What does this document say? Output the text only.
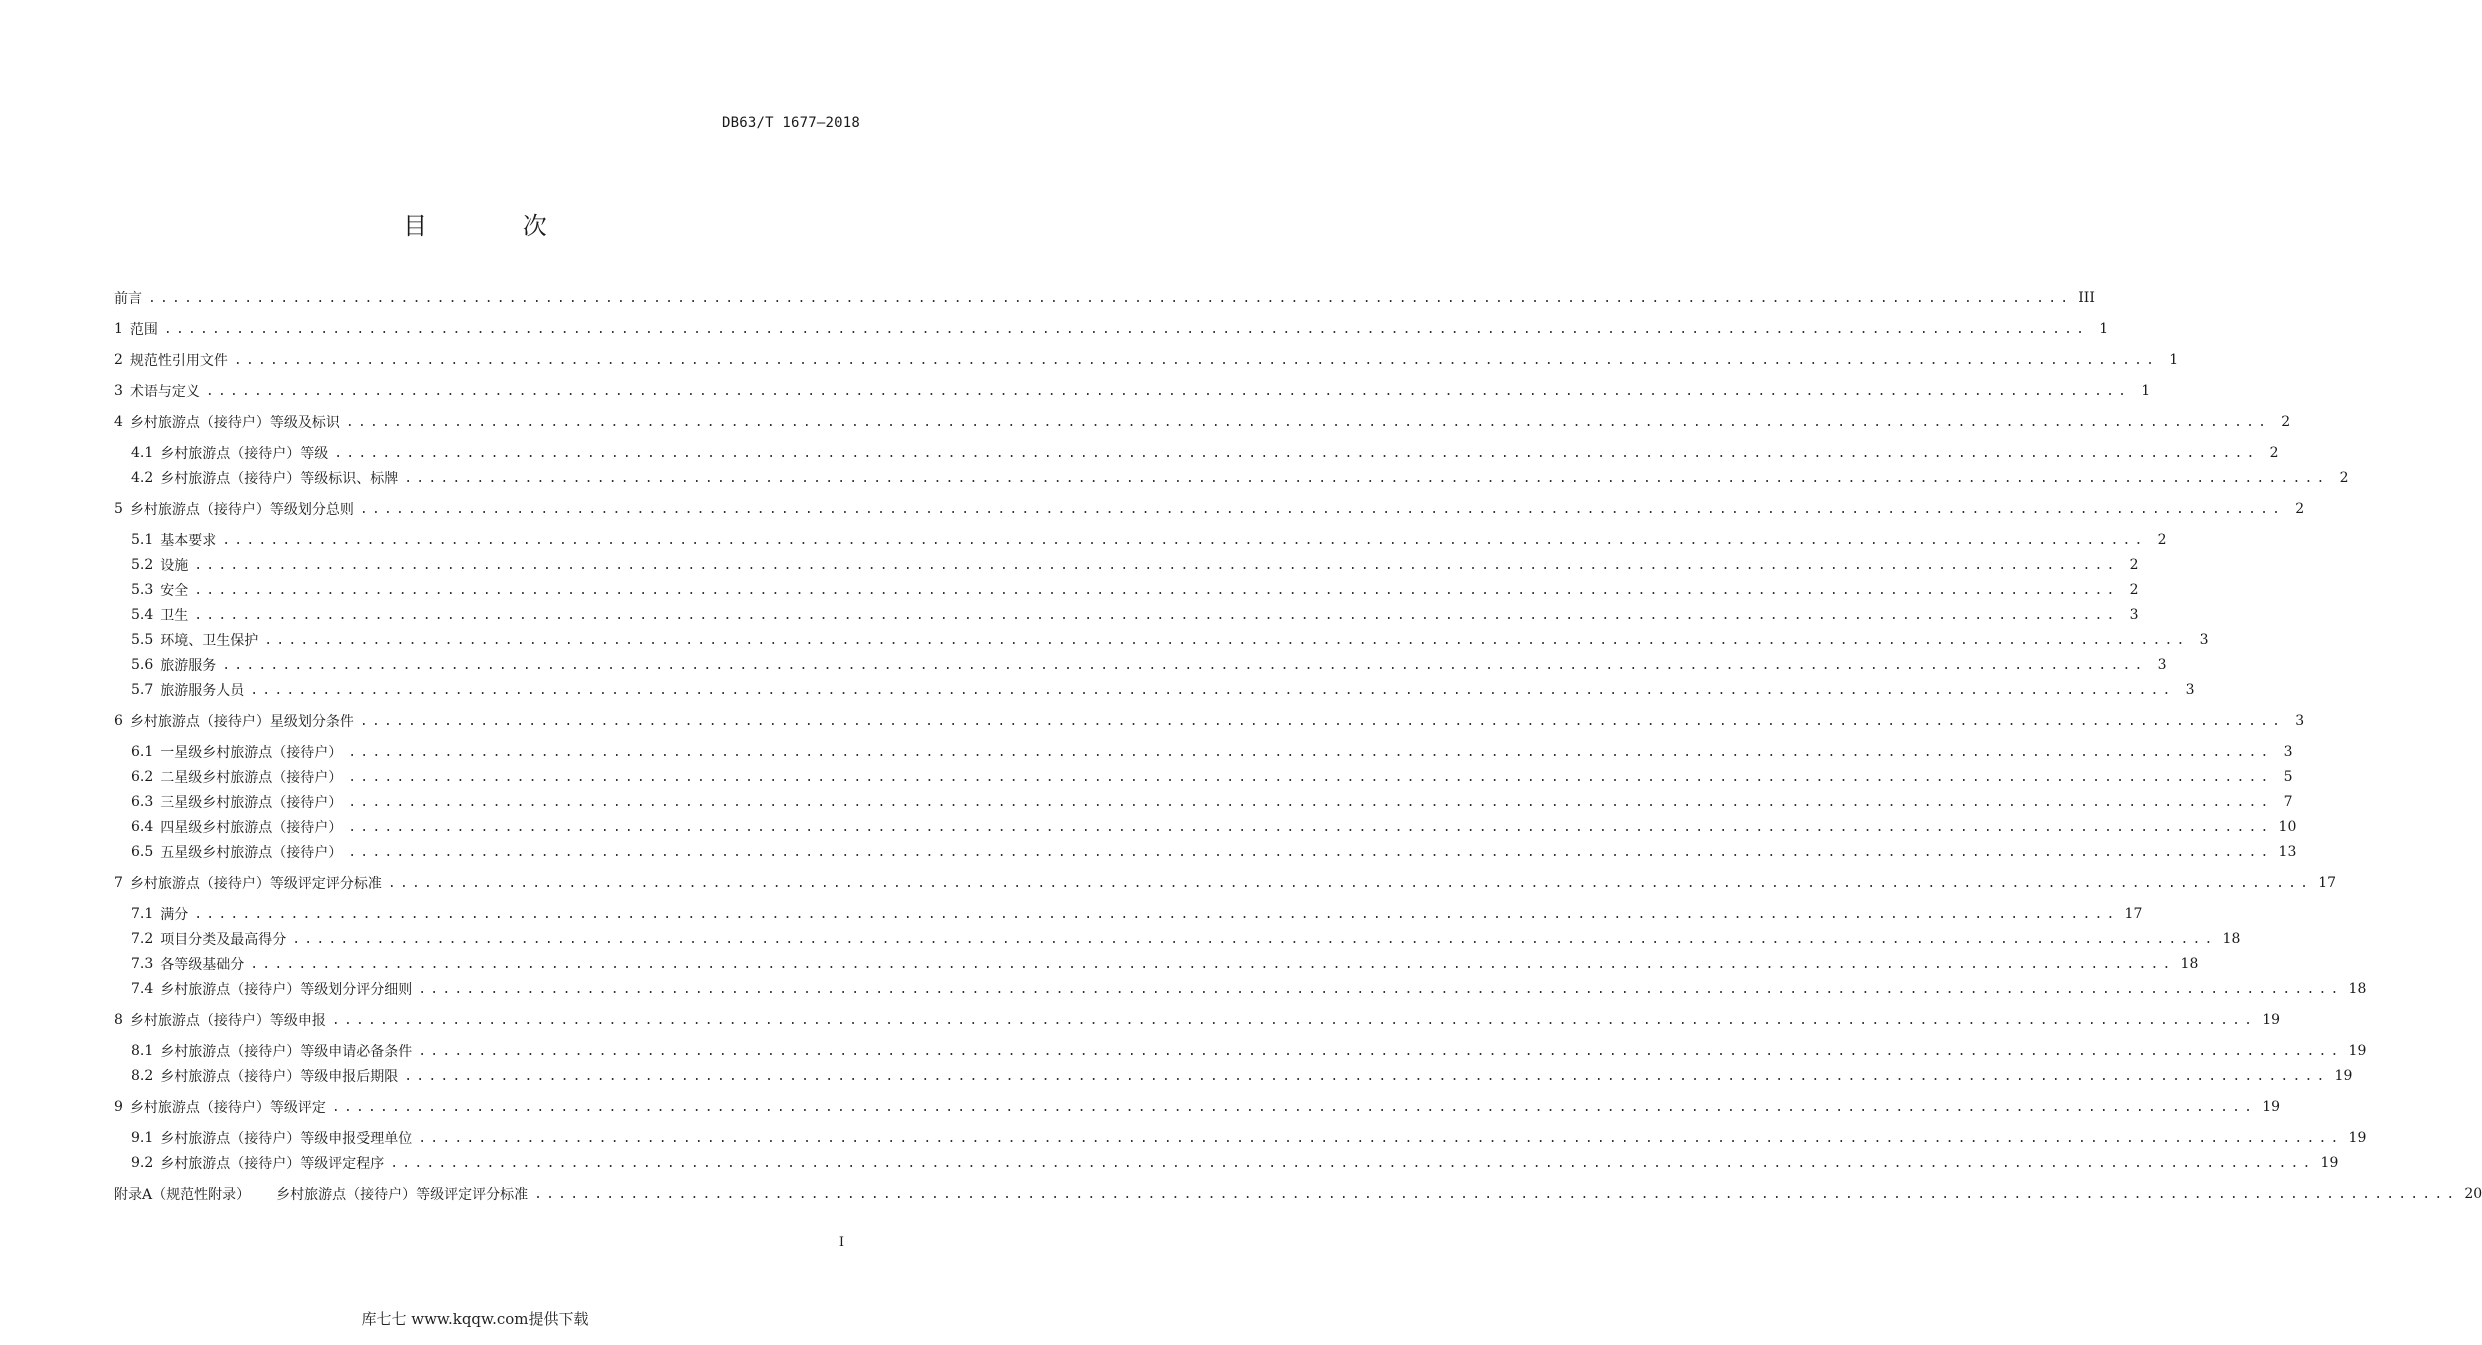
DB63/T 1677—2018
目 次
前言 ................................................................................................................................................................ III
1 范围 ................................................................................................................................................................ 1
2 规范性引用文件 ................................................................................................................................................................ 1
3 术语与定义 ................................................................................................................................................................ 1
4 乡村旅游点（接待户）等级及标识 ................................................................................................................................................................ 2
4.1 乡村旅游点（接待户）等级 ................................................................................................................................................................ 2
4.2 乡村旅游点（接待户）等级标识、标牌 ................................................................................................................................................................ 2
5 乡村旅游点（接待户）等级划分总则 ................................................................................................................................................................ 2
5.1 基本要求 ................................................................................................................................................................ 2
5.2 设施 ................................................................................................................................................................ 2
5.3 安全 ................................................................................................................................................................ 2
5.4 卫生 ................................................................................................................................................................ 3
5.5 环境、卫生保护 ................................................................................................................................................................ 3
5.6 旅游服务 ................................................................................................................................................................ 3
5.7 旅游服务人员 ................................................................................................................................................................ 3
6 乡村旅游点（接待户）星级划分条件 ................................................................................................................................................................ 3
6.1 一星级乡村旅游点（接待户） ................................................................................................................................................................ 3
6.2 二星级乡村旅游点（接待户） ................................................................................................................................................................ 5
6.3 三星级乡村旅游点（接待户） ................................................................................................................................................................ 7
6.4 四星级乡村旅游点（接待户） ................................................................................................................................................................ 10
6.5 五星级乡村旅游点（接待户） ................................................................................................................................................................ 13
7 乡村旅游点（接待户）等级评定评分标准 ................................................................................................................................................................ 17
7.1 满分 ................................................................................................................................................................ 17
7.2 项目分类及最高得分 ................................................................................................................................................................ 18
7.3 各等级基础分 ................................................................................................................................................................ 18
7.4 乡村旅游点（接待户）等级划分评分细则 ................................................................................................................................................................ 18
8 乡村旅游点（接待户）等级申报 ................................................................................................................................................................ 19
8.1 乡村旅游点（接待户）等级申请必备条件 ................................................................................................................................................................ 19
8.2 乡村旅游点（接待户）等级申报后期限 ................................................................................................................................................................ 19
9 乡村旅游点（接待户）等级评定 ................................................................................................................................................................ 19
9.1 乡村旅游点（接待户）等级申报受理单位 ................................................................................................................................................................ 19
9.2 乡村旅游点（接待户）等级评定程序 ................................................................................................................................................................ 19
附录A（规范性附录） 乡村旅游点（接待户）等级评定评分标准 ................................................................................................................................................................ 20
I
库七七 www.kqqw.com提供下载
